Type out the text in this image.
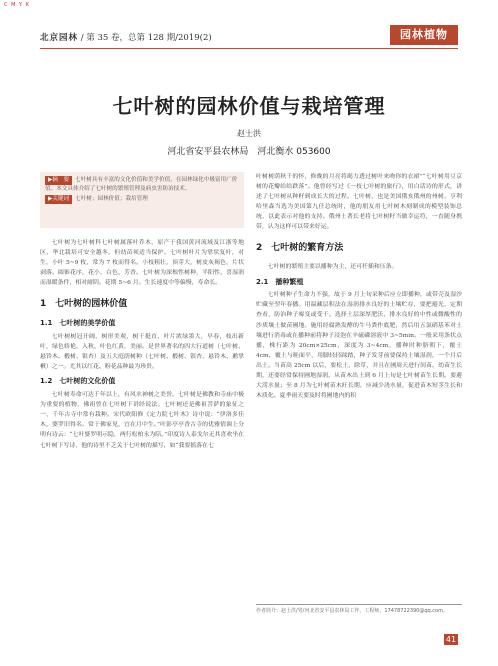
C M Y K
北京园林 / 第 35 卷，总第 128 期/2019(2)	园林植物
七叶树的园林价值与栽培管理
赵士洪
河北省安平县农林局　河北衡水 053600
▶摘　要 七叶树具有丰富的文化价值和美学价值，在园林绿化中极富用广价值。本文具体介绍了七叶树的繁殖管理及病虫害防治技术。
▶关键词 七叶树；园林价值；栽培管理

七叶树为七叶树科七叶树属落叶乔木，原产于我国黄河流域及江浙等地区，华北栽培可安全越冬，但幼苗须适当保护。七叶树叶片为掌状复叶，对生，小叶 5~9 枚，常为 7 枚而得名。小枝粗壮，顶芽大，树皮灰褐色，片状剥落。圆锥花序，花小，白色，芳香。七叶树为深根性树种，半阳性，喜湿润而湿暖条件，相对耐阴。花期 5~6 月。生长速度中等偏慢，寿命长。

1　七叶树的园林价值
1.1　七叶树的美学价值

七叶树树冠开阔，树形美观，树干挺直，叶片浓绿墨大，早春，枝出新叶，绿色娇艳，入秋，叶色红黄，美丽。是世界著名的四大行道树（七叶树、悬铃木、椴树、银杏）及五大庭荫树种（七叶树、椴树、银杏、悬铃木、鹅掌楸）之一。尤其以红花、粉花品种最为珍贵。

1.2　七叶树的文化价值

七叶树寿命可达千年以上，有风水神树之美誉。七叶树是佛教和寺庙中极为重要的植物，佛祖曾在七叶树下讲经说法。七叶树还是佛祖菩萨的象征之一，千年古寺中常有栽种。宋代欧阳修《定力院七叶木》诗中说：“伊洛多佳木，婆罗旧得名。常于佛家见，宜在月中生。”叶影亭亭香古寺的优雅情调上分明有诗云：“七叶婆罗明示隐，两行松柏永为陪。”印度诗人泰戈尔无其喜欢坐在七叶树下写诗，他的诗里不乏关于七叶树的描写，如“我要摇落在七

叶树树荫秋千的怀，修晚的月亮将竭力透过树叶来吻你的衣裙”“七叶树用豆京树的花瓣给给跌落”。他曾经写过《一枝七叶树的旅行》，用白话诗的形式，讲述了七叶树从种籽到成长大的过程。七叶树，也是美国俄亥俄州的州树。亨利哈里森当选为美国第九任总统时，他的朋友用七叶树木刻制成的模型装饰总统，以此表示对他的支持。俄州土著长老将七叶树籽当做幸运符，一直随身携带，认为这样可以带来好运。

2　七叶树的繁育方法

七叶树的繁殖主要以播种为主，还可扦插和压条。

2.1　播种繁殖

七叶树种子生命力不强，故于 9 月上旬采种后应立即播种，或带壳及湿沙贮藏至翌年春播。用温藏层积法在湿润排水良好的土壤贮存，要把避光、定期查看，防治种子霉变或受干。选择土层深厚肥沃、排水良好的中性或微酸性的沙质壤土做苗圃地。施用经腐熟发酵的牛马粪作底肥，然后用五氯硝基苯对土壤进行消毒或在播种前将种子浸泡在辛硫磷溶液中 3~5min。一般采用条状点播，株行距为 20cm×25cm，深度为 3~4cm，播种时种脐朝下，覆土 4cm，覆土与畦面平，用脚轻轻踩踏，种子发芽前要保持土壤湿润，一个月后出土。当苗高 25cm 以后，要松土，除草，并且在圃周天进行间苗。幼苗生长期，还要经常保持圃地湿润，从苗木出土到 6 月上旬是七叶树苗生长期。要避大涝水量；至 8 月为七叶树苗木旺长期，应减少浇水量，促进苗木短茎生长和木质化。夏季雨天要及时将圃地内的积

作者简介：赵士洪/男/河北省安平县农林局工作，工程师，17478722390@qq.com。
41
